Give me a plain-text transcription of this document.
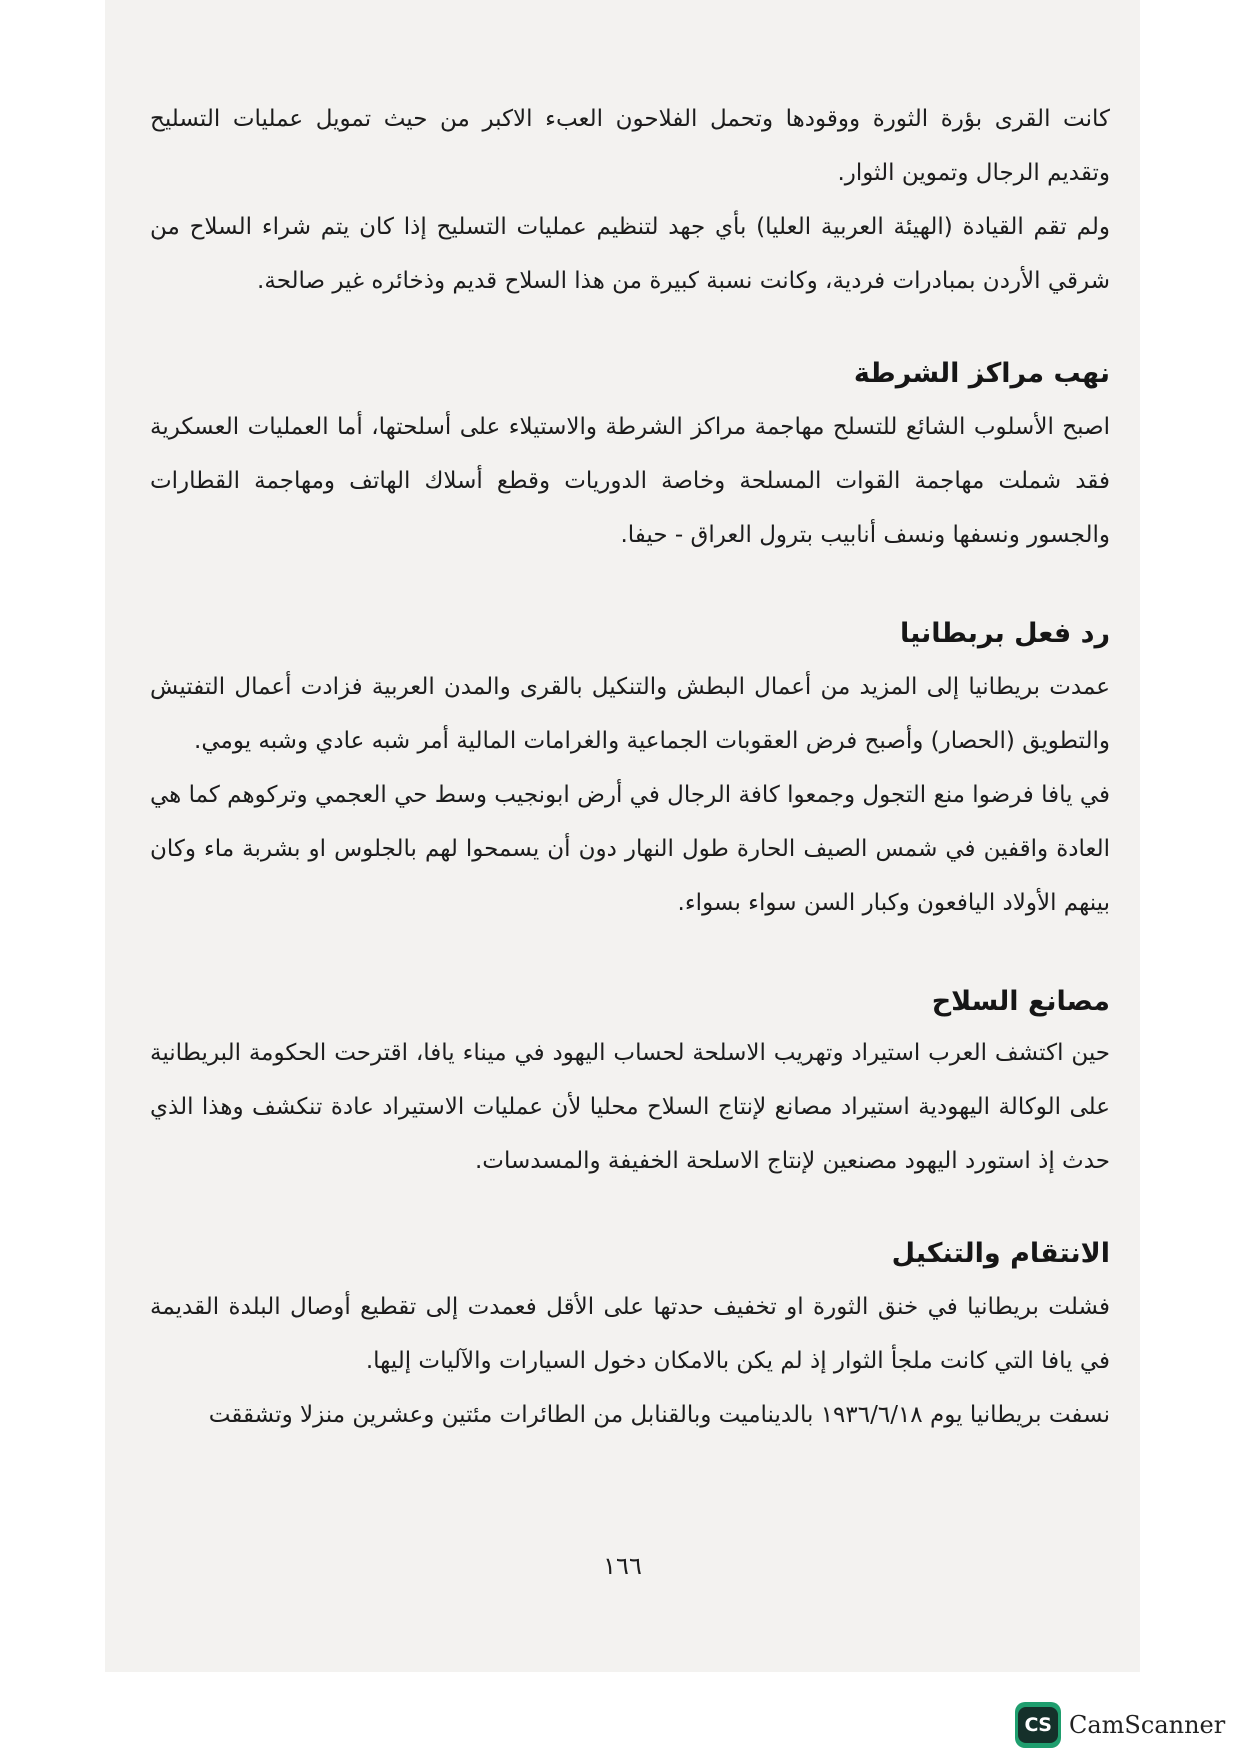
كانت القرى بؤرة الثورة ووقودها وتحمل الفلاحون العبء الاكبر من حيث تمويل عمليات التسليح وتقديم الرجال وتموين الثوار.

ولم تقم القيادة (الهيئة العربية العليا) بأي جهد لتنظيم عمليات التسليح إذا كان يتم شراء السلاح من شرقي الأردن بمبادرات فردية، وكانت نسبة كبيرة من هذا السلاح قديم وذخائره غير صالحة.

نهب مراكز الشرطة

اصبح الأسلوب الشائع للتسلح مهاجمة مراكز الشرطة والاستيلاء على أسلحتها، أما العمليات العسكرية فقد شملت مهاجمة القوات المسلحة وخاصة الدوريات وقطع أسلاك الهاتف ومهاجمة القطارات والجسور ونسفها ونسف أنابيب بترول العراق - حيفا.

رد فعل بربطانيا

عمدت بريطانيا إلى المزيد من أعمال البطش والتنكيل بالقرى والمدن العربية فزادت أعمال التفتيش والتطويق (الحصار) وأصبح فرض العقوبات الجماعية والغرامات المالية أمر شبه عادي وشبه يومي.

في يافا فرضوا منع التجول وجمعوا كافة الرجال في أرض ابونجيب وسط حي العجمي وتركوهم كما هي العادة واقفين في شمس الصيف الحارة طول النهار دون أن يسمحوا لهم بالجلوس او بشربة ماء وكان بينهم الأولاد اليافعون وكبار السن سواء بسواء.

مصانع السلاح

حين اكتشف العرب استيراد وتهريب الاسلحة لحساب اليهود في ميناء يافا، اقترحت الحكومة البريطانية على الوكالة اليهودية استيراد مصانع لإنتاج السلاح محليا لأن عمليات الاستيراد عادة تنكشف وهذا الذي حدث إذ استورد اليهود مصنعين لإنتاج الاسلحة الخفيفة والمسدسات.

الانتقام والتنكيل

فشلت بريطانيا في خنق الثورة او تخفيف حدتها على الأقل فعمدت إلى تقطيع أوصال البلدة القديمة في يافا التي كانت ملجأ الثوار إذ لم يكن بالامكان دخول السيارات والآليات إليها.

نسفت بريطانيا يوم ١٩٣٦/٦/١٨ بالديناميت وبالقنابل من الطائرات مئتين وعشرين منزلا وتشققت

١٦٦
CS CamScanner
